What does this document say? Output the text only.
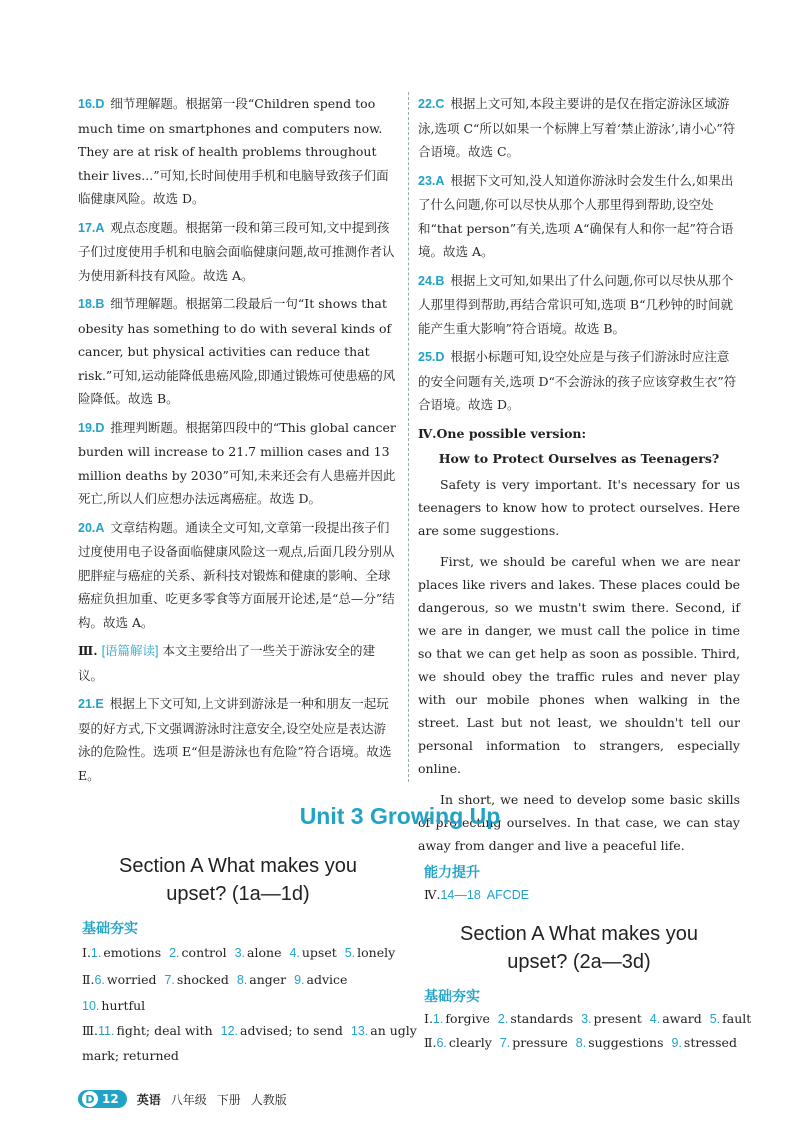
16.D 细节理解题。根据第一段“Children spend too much time on smartphones and computers now. They are at risk of health problems throughout their lives...”可知,长时间使用手机和电脑导致孩子们面临健康风险。故选 D。
17.A 观点态度题。根据第一段和第三段可知,文中提到孩子们过度使用手机和电脑会面临健康问题,故可推测作者认为使用新科技有风险。故选 A。
18.B 细节理解题。根据第二段最后一句“It shows that obesity has something to do with several kinds of cancer, but physical activities can reduce that risk.”可知,运动能降低患癌风险,即通过锻炼可使患癌的风险降低。故选 B。
19.D 推理判断题。根据第四段中的“This global cancer burden will increase to 21.7 million cases and 13 million deaths by 2030”可知,未来还会有人患癌并因此死亡,所以人们应想办法远离癌症。故选 D。
20.A 文章结构题。通读全文可知,文章第一段提出孩子们过度使用电子设备面临健康风险这一观点,后面几段分别从肥胖症与癌症的关系、新科技对锻炼和健康的影响、全球癌症负担加重、吃更多零食等方面展开论述,是“总—分”结构。故选 A。
Ⅲ. [语篇解读] 本文主要给出了一些关于游泳安全的建议。
21.E 根据上下文可知,上文讲到游泳是一种和朋友一起玩耍的好方式,下文强调游泳时注意安全,设空处应是表达游泳的危险性。选项 E“但是游泳也有危险”符合语境。故选 E。
22.C 根据上文可知,本段主要讲的是仅在指定游泳区域游泳,选项 C“所以如果一个标牌上写着‘禁止游泳’,请小心”符合语境。故选 C。
23.A 根据下文可知,没人知道你游泳时会发生什么,如果出了什么问题,你可以尽快从那个人那里得到帮助,设空处和“that person”有关,选项 A“确保有人和你一起”符合语境。故选 A。
24.B 根据上文可知,如果出了什么问题,你可以尽快从那个人那里得到帮助,再结合常识可知,选项 B“几秒钟的时间就能产生重大影响”符合语境。故选 B。
25.D 根据小标题可知,设空处应是与孩子们游泳时应注意的安全问题有关,选项 D“不会游泳的孩子应该穿救生衣”符合语境。故选 D。
Ⅳ.One possible version:
How to Protect Ourselves as Teenagers?

Safety is very important. It's necessary for us teenagers to know how to protect ourselves. Here are some suggestions.

First, we should be careful when we are near places like rivers and lakes. These places could be dangerous, so we mustn't swim there. Second, if we are in danger, we must call the police in time so that we can get help as soon as possible. Third, we should obey the traffic rules and never play with our mobile phones when walking in the street. Last but not least, we shouldn't tell our personal information to strangers, especially online.

In short, we need to develop some basic skills of protecting ourselves. In that case, we can stay away from danger and live a peaceful life.

Unit 3 Growing Up
Section A What makes you
upset? (1a—1d)
基础夯实
Ⅰ.1. emotions 2. control 3. alone 4. upset 5. lonely
Ⅱ.6. worried 7. shocked 8. anger 9. advice
10. hurtful
Ⅲ.11. fight; deal with 12. advised; to send 13. an ugly
mark; returned
能力提升
Ⅳ.14—18 AFCDE
Section A What makes you
upset? (2a—3d)
基础夯实
Ⅰ.1. forgive 2. standards 3. present 4. award 5. fault
Ⅱ.6. clearly 7. pressure 8. suggestions 9. stressed
D 12 英语 八年级 下册 人教版
